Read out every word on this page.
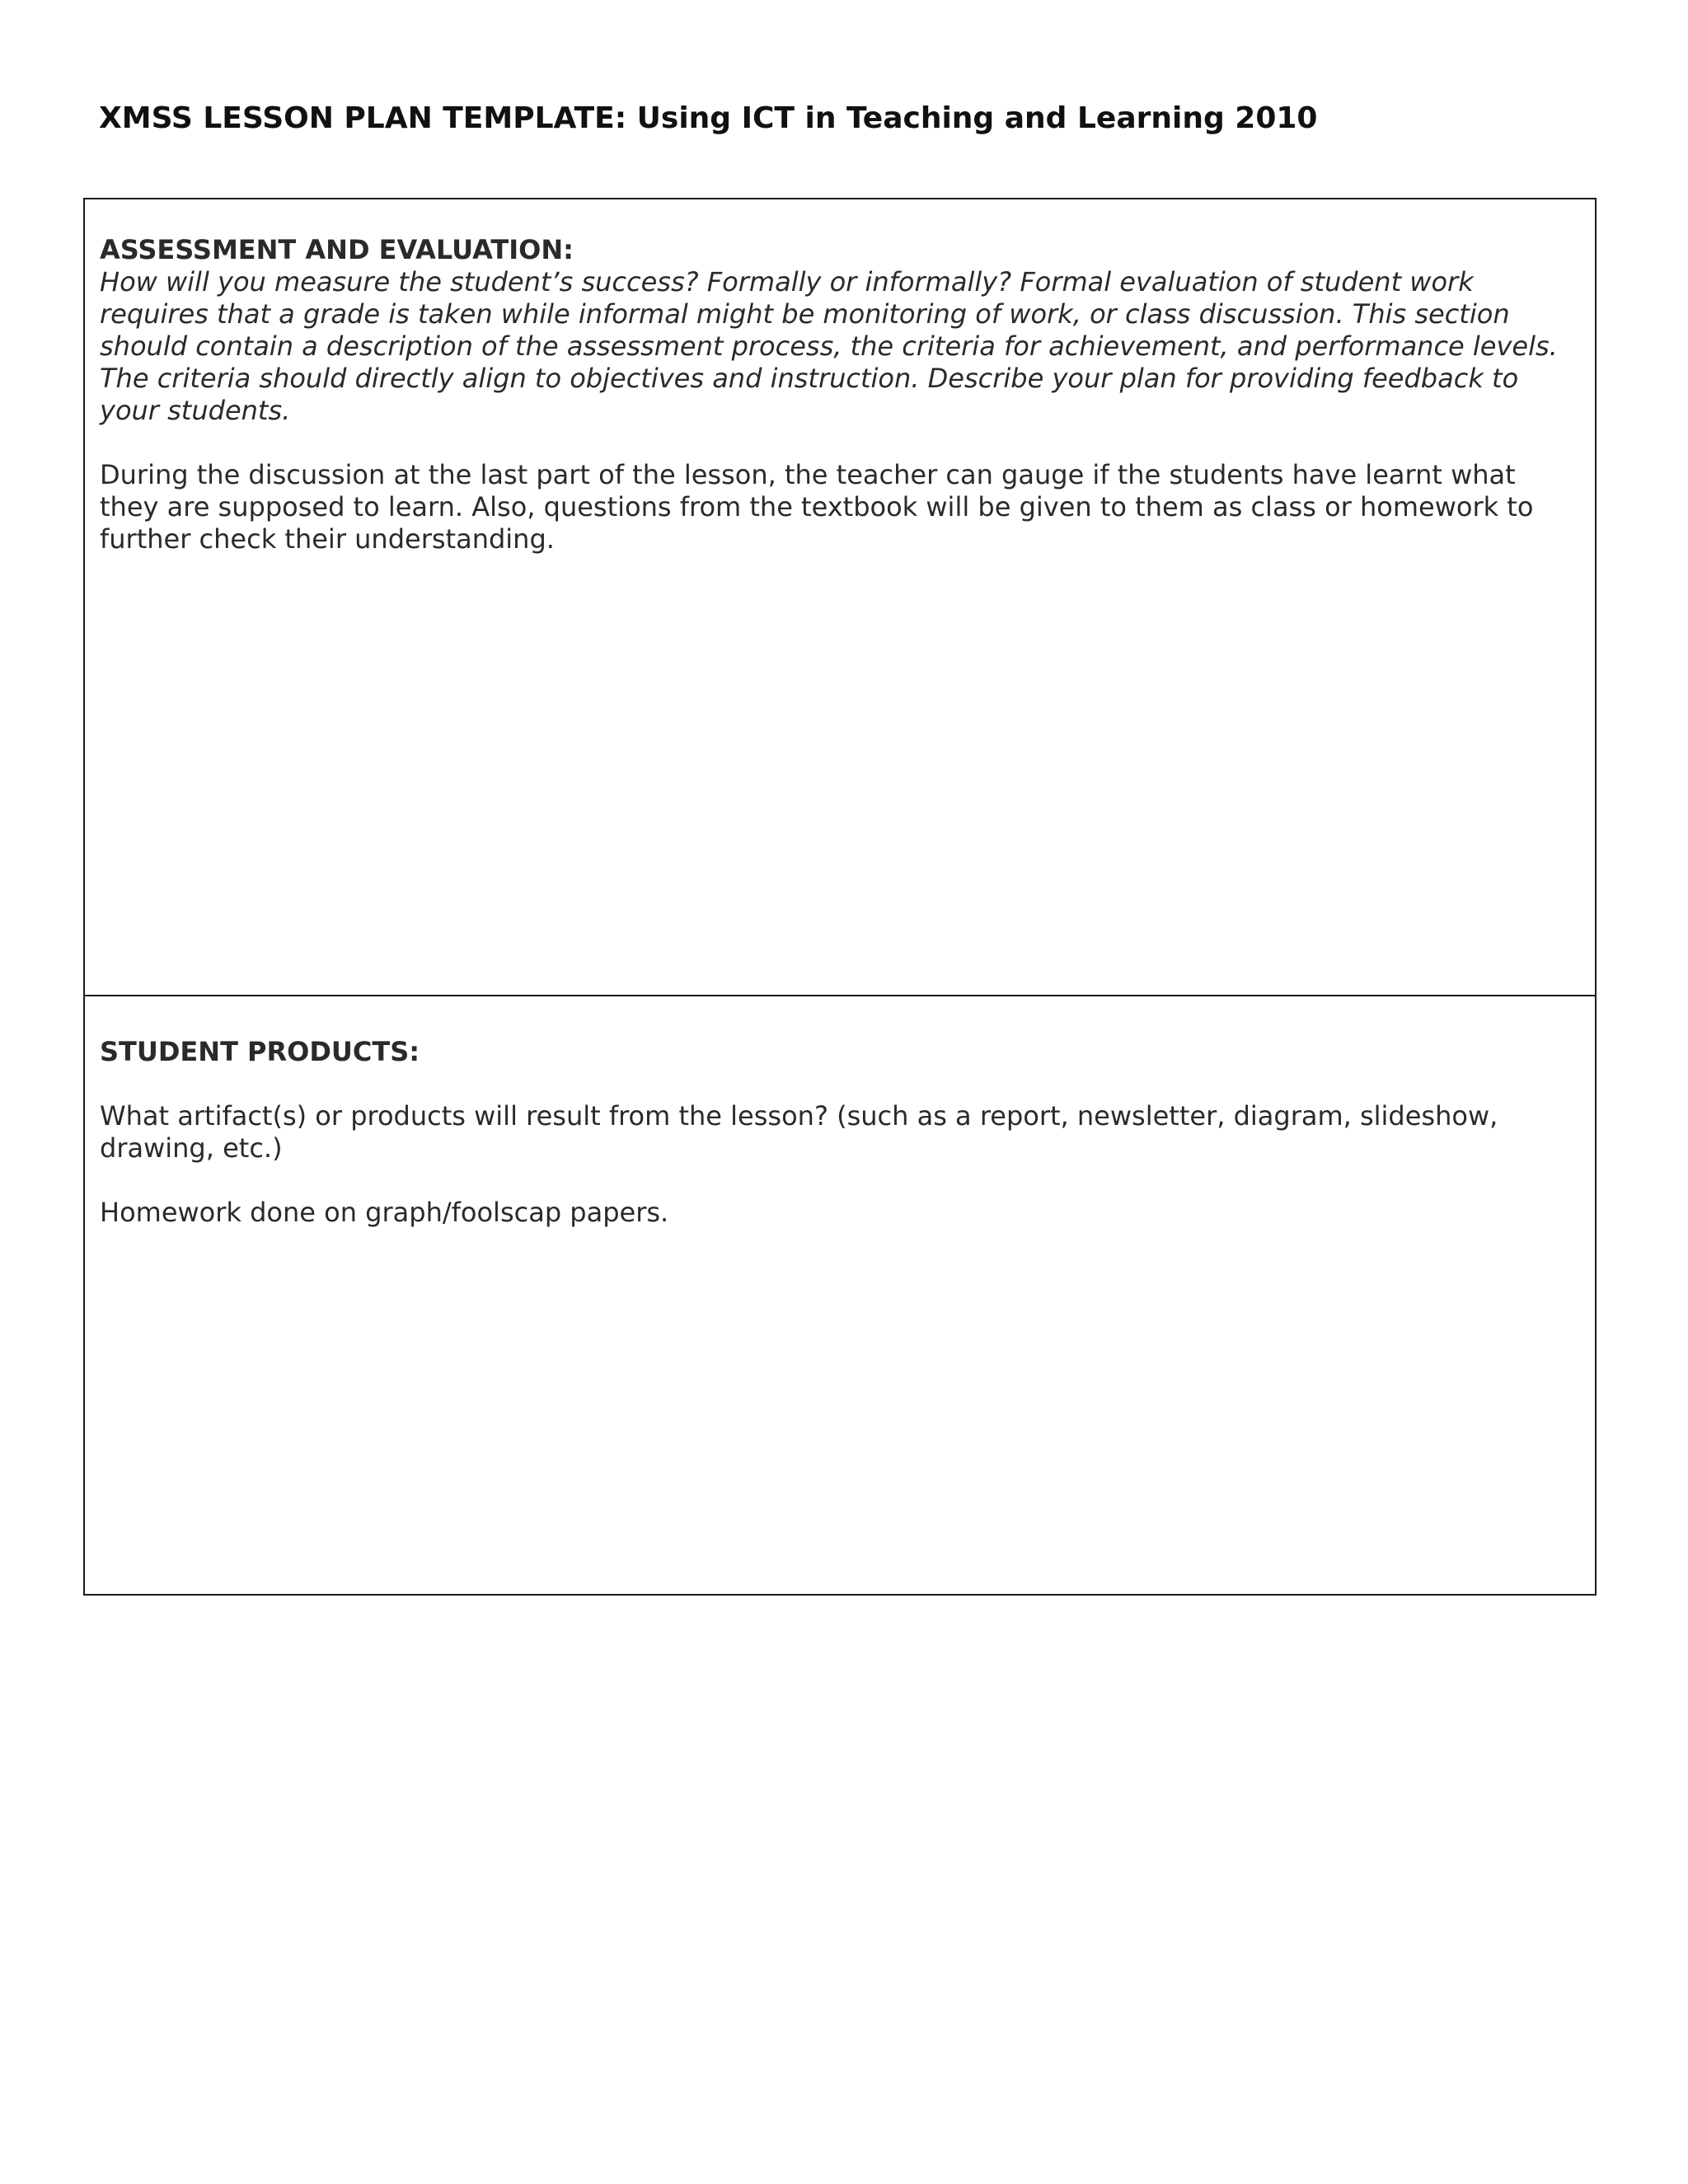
XMSS LESSON PLAN TEMPLATE: Using ICT in Teaching and Learning 2010

ASSESSMENT AND EVALUATION:

How will you measure the student’s success? Formally or informally? Formal evaluation of student work requires that a grade is taken while informal might be monitoring of work, or class discussion. This section should contain a description of the assessment process, the criteria for achievement, and performance levels. The criteria should directly align to objectives and instruction. Describe your plan for providing feedback to your students.

During the discussion at the last part of the lesson, the teacher can gauge if the students have learnt what they are supposed to learn. Also, questions from the textbook will be given to them as class or homework to further check their understanding.

STUDENT PRODUCTS:

What artifact(s) or products will result from the lesson? (such as a report, newsletter, diagram, slideshow, drawing, etc.)

Homework done on graph/foolscap papers.
